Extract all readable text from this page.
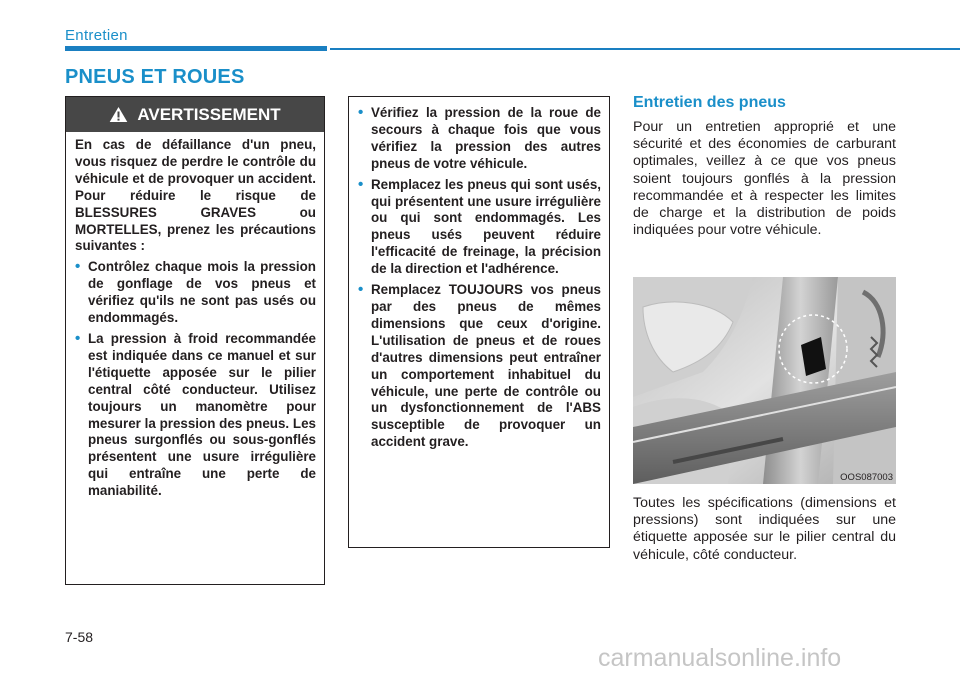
Entretien
PNEUS ET ROUES
AVERTISSEMENT

En cas de défaillance d'un pneu, vous risquez de perdre le contrôle du véhicule et de provoquer un accident. Pour réduire le risque de BLESSURES GRAVES ou MORTELLES, prenez les précautions suivantes :

• Contrôlez chaque mois la pression de gonflage de vos pneus et vérifiez qu'ils ne sont pas usés ou endommagés.
• La pression à froid recommandée est indiquée dans ce manuel et sur l'étiquette apposée sur le pilier central côté conducteur. Utilisez toujours un manomètre pour mesurer la pression des pneus. Les pneus surgonflés ou sous-gonflés présentent une usure irrégulière qui entraîne une perte de maniabilité.
• Vérifiez la pression de la roue de secours à chaque fois que vous vérifiez la pression des autres pneus de votre véhicule.
• Remplacez les pneus qui sont usés, qui présentent une usure irrégulière ou qui sont endommagés. Les pneus usés peuvent réduire l'efficacité de freinage, la précision de la direction et l'adhérence.
• Remplacez TOUJOURS vos pneus par des pneus de mêmes dimensions que ceux d'origine. L'utilisation de pneus et de roues d'autres dimensions peut entraîner un comportement inhabituel du véhicule, une perte de contrôle ou un dysfonctionnement de l'ABS susceptible de provoquer un accident grave.
Entretien des pneus
Pour un entretien approprié et une sécurité et des économies de carburant optimales, veillez à ce que vos pneus soient toujours gonflés à la pression recommandée et à respecter les limites de charge et la distribution de poids indiquées pour votre véhicule.
OOS087003
Toutes les spécifications (dimensions et pressions) sont indiquées sur une étiquette apposée sur le pilier central du véhicule, côté conducteur.
7-58
carmanualsonline.info
